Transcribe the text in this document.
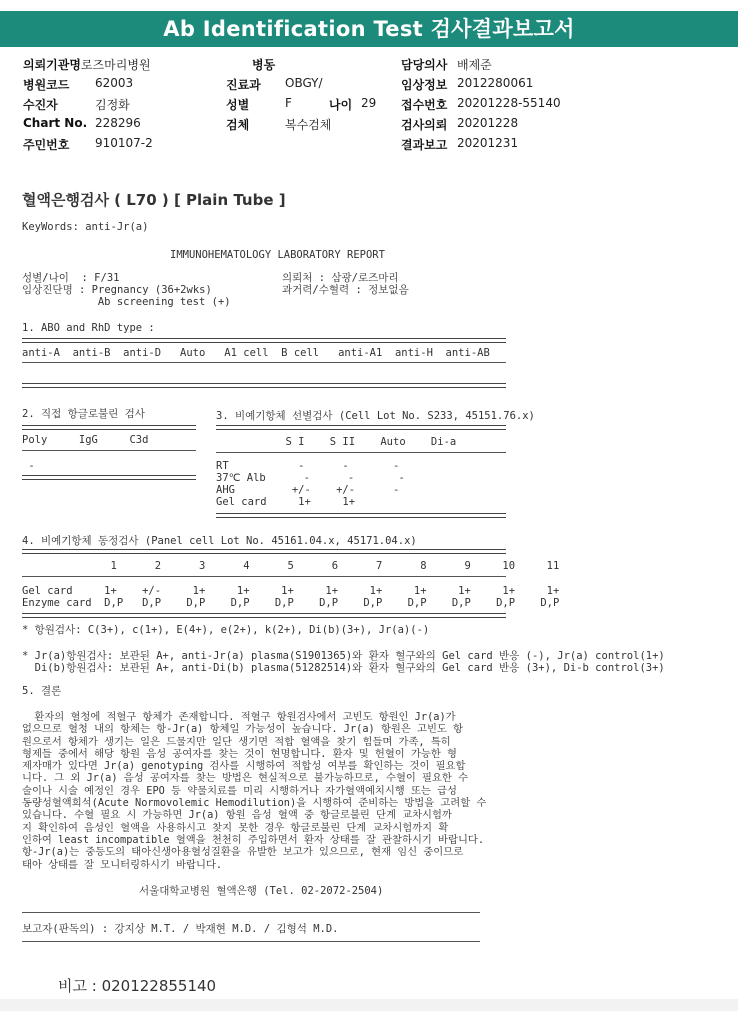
Ab Identification Test 검사결과보고서
의뢰기관명 로즈마리병원	병동	담당의사 배제준
병원코드 62003	진료과 OBGY/	임상정보 2012280061
수진자	김정화	성별	F	나이 29 접수번호 20201228-55140
Chart No. 228296	검체	복수검체	검사의뢰 20201228
주민번호 910107-2	결과보고 20201231
혈액은행검사 ( L70 ) [ Plain Tube ]
KeyWords: anti-Jr(a)
IMMUNOHEMATOLOGY LABORATORY REPORT
성별/나이  : F/31
임상진단명 : Pregnancy (36+2wks)
Ab screening test (+)
의뢰처 : 삼광/로즈마리
과거력/수혈력 : 정보없음
1. ABO and RhD type :
anti-A  anti-B  anti-D   Auto   A1 cell  B cell   anti-A1  anti-H  anti-AB
2. 직접 항글로불린 검사
Poly     IgG     C3d
-
3. 비예기항체 선별검사 (Cell Lot No. S233, 45151.76.x)
S I    S II    Auto    Di-a
RT           -      -       -
37℃ Alb      -      -       -
AHG         +/-    +/-      -
Gel card     1+     1+
4. 비예기항체 동정검사 (Panel cell Lot No. 45161.04.x, 45171.04.x)
1      2      3      4      5      6      7      8      9     10     11
Gel card     1+    +/-     1+     1+     1+     1+     1+     1+     1+     1+     1+
Enzyme card  D,P   D,P    D,P    D,P    D,P    D,P    D,P    D,P    D,P    D,P    D,P
* 항원검사: C(3+), c(1+), E(4+), e(2+), k(2+), Di(b)(3+), Jr(a)(-)
* Jr(a)항원검사: 보관된 A+, anti-Jr(a) plasma(S1901365)와 환자 혈구와의 Gel card 반응 (-), Jr(a) control(1+)
Di(b)항원검사: 보관된 A+, anti-Di(b) plasma(51282514)와 환자 혈구와의 Gel card 반응 (3+), Di-b control(3+)
5. 결론
환자의 혈청에 적혈구 항체가 존재합니다. 적혈구 항원검사에서 고빈도 항원인 Jr(a)가
없으므로 혈청 내의 항체는 항-Jr(a) 항체일 가능성이 높습니다. Jr(a) 항원은 고빈도 항
원으로서 항체가 생기는 일은 드물지만 일단 생기면 적합 혈액을 찾기 힘들며 가족, 특히
형제들 중에서 해당 항원 음성 공여자를 찾는 것이 현명합니다. 환자 및 헌혈이 가능한 형
제자매가 있다면 Jr(a) genotyping 검사를 시행하여 적합성 여부를 확인하는 것이 필요합
니다. 그 외 Jr(a) 음성 공여자를 찾는 방법은 현실적으로 불가능하므로, 수혈이 필요한 수
술이나 시술 예정인 경우 EPO 등 약물치료를 미리 시행하거나 자가혈액예치시행 또는 급성
동량성혈액희석(Acute Normovolemic Hemodilution)을 시행하여 준비하는 방법을 고려할 수
있습니다. 수혈 필요 시 가능하면 Jr(a) 항원 음성 혈액 중 항글로불린 단계 교차시험까
지 확인하여 음성인 혈액을 사용하시고 찾지 못한 경우 항글로불린 단계 교차시험까지 확
인하여 least incompatible 혈액을 천천히 주입하면서 환자 상태를 잘 관찰하시기 바랍니다.
항-Jr(a)는 중등도의 태아신생아용혈성질환을 유발한 보고가 있으므로, 현재 임신 중이므로
태아 상태를 잘 모니터링하시기 바랍니다.
서울대학교병원 혈액은행 (Tel. 02-2072-2504)
보고자(판독의) : 강지상 M.T. / 박재현 M.D. / 김형석 M.D.
비고 : 020122855140
